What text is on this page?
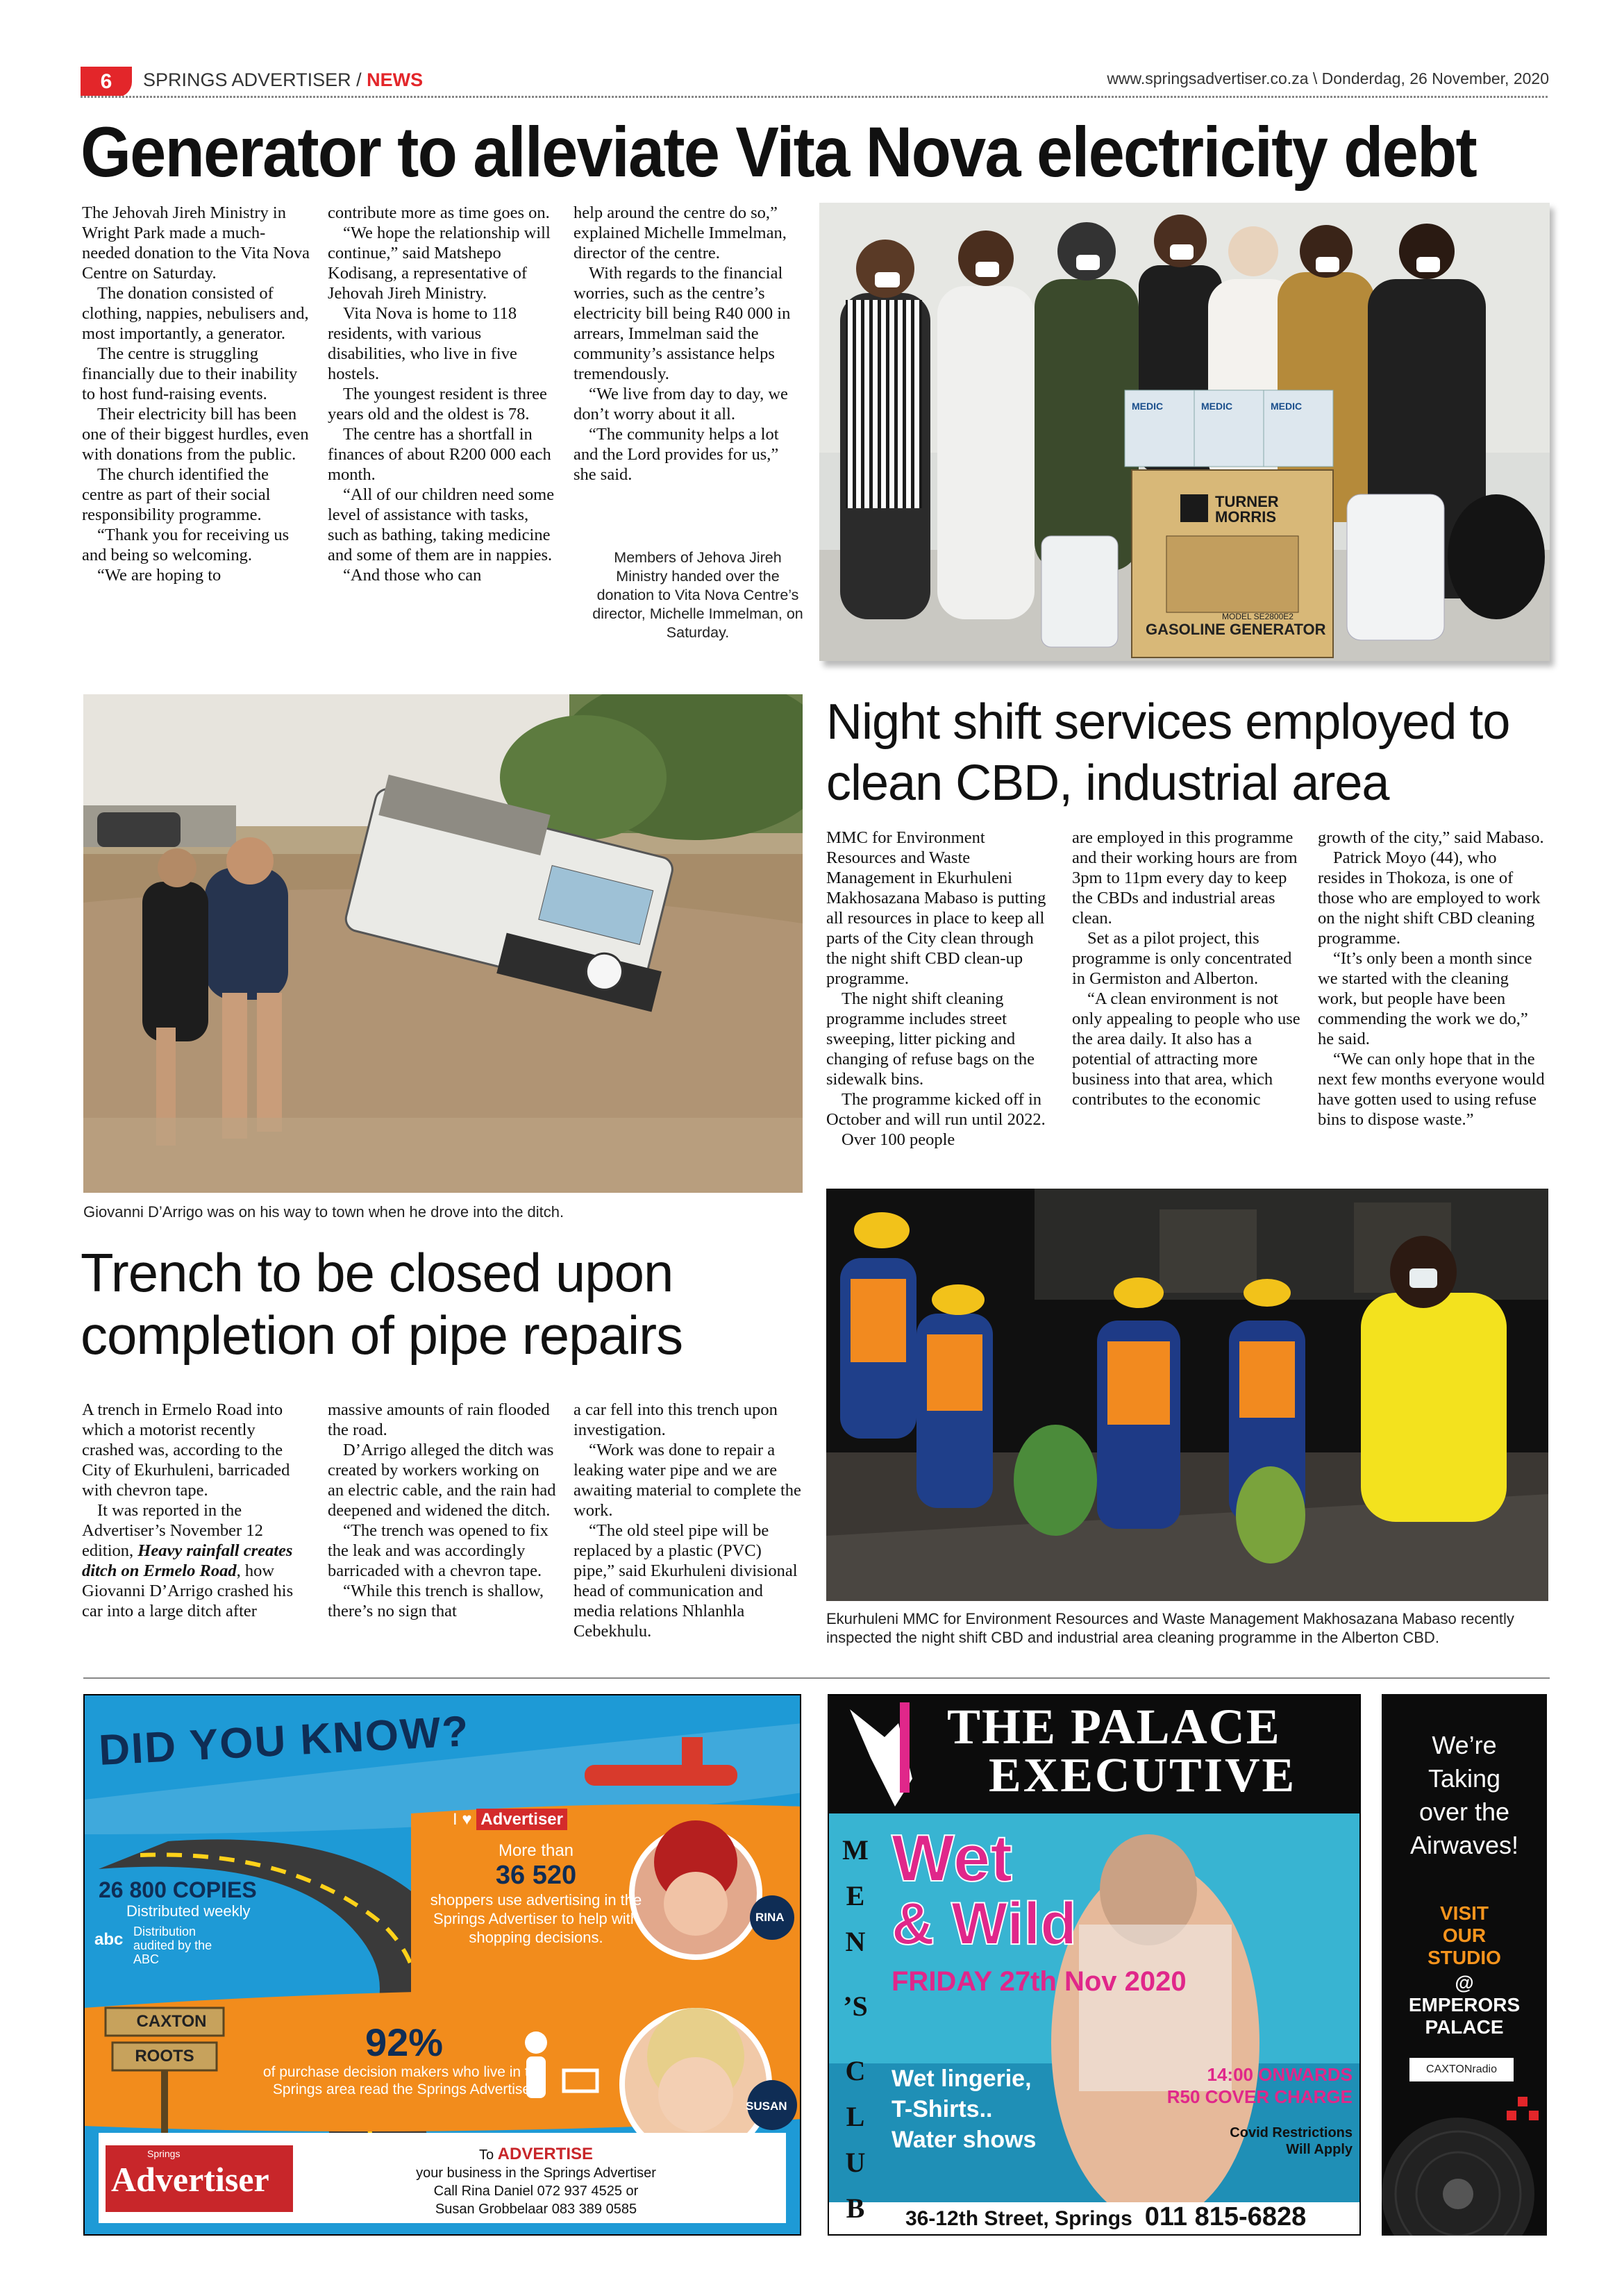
6	SPRINGS ADVERTISER / NEWS	www.springsadvertiser.co.za \ Donderdag, 26 November, 2020
Generator to alleviate Vita Nova electricity debt

The Jehovah Jireh Ministry in Wright Park made a much-needed donation to the Vita Nova Centre on Saturday.

The donation consisted of clothing, nappies, nebulisers and, most importantly, a generator.

The centre is struggling financially due to their inability to host fund-raising events.

Their electricity bill has been one of their biggest hurdles, even with donations from the public.

The church identified the centre as part of their social responsibility programme.

“Thank you for receiving us and being so welcoming.

“We are hoping to

contribute more as time goes on.

“We hope the relationship will continue,” said Matshepo Kodisang, a representative of Jehovah Jireh Ministry.

Vita Nova is home to 118 residents, with various disabilities, who live in five hostels.

The youngest resident is three years old and the oldest is 78.

The centre has a shortfall in finances of about R200 000 each month.

“All of our children need some level of assistance with tasks, such as bathing, taking medicine and some of them are in nappies.

“And those who can

help around the centre do so,” explained Michelle Immelman, director of the centre.

With regards to the financial worries, such as the centre’s electricity bill being R40 000 in arrears, Immelman said the community’s assistance helps tremendously.

“We live from day to day, we don’t worry about it all.

“The community helps a lot and the Lord provides for us,” she said.

Members of Jehova Jireh Ministry handed over the donation to Vita Nova Centre’s director, Michelle Immelman, on Saturday.
MEDIC	MEDIC	MEDIC
TURNER
MORRIS
MODEL SE2800E2
GASOLINE GENERATOR
Giovanni D’Arrigo was on his way to town when he drove into the ditch.
Trench to be closed upon
completion of pipe repairs

A trench in Ermelo Road into which a motorist recently crashed was, according to the City of Ekurhuleni, barricaded with chevron tape.

It was reported in the Advertiser’s November 12 edition, Heavy rainfall creates ditch on Ermelo Road, how Giovanni D’Arrigo crashed his car into a large ditch after

massive amounts of rain flooded the road.

D’Arrigo alleged the ditch was created by workers working on an electric cable, and the rain had deepened and widened the ditch.

“The trench was opened to fix the leak and was accordingly barricaded with a chevron tape.

“While this trench is shallow, there’s no sign that

a car fell into this trench upon investigation.

“Work was done to repair a leaking water pipe and we are awaiting material to complete the work.

“The old steel pipe will be replaced by a plastic (PVC) pipe,” said Ekurhuleni divisional head of communication and media relations Nhlanhla Cebekhulu.

Night shift services employed to
clean CBD, industrial area

MMC for Environment Resources and Waste Management in Ekurhuleni Makhosazana Mabaso is putting all resources in place to keep all parts of the City clean through the night shift CBD clean-up programme.

The night shift cleaning programme includes street sweeping, litter picking and changing of refuse bags on the sidewalk bins.

The programme kicked off in October and will run until 2022.

Over 100 people

are employed in this programme and their working hours are from 3pm to 11pm every day to keep the CBDs and industrial areas clean.

Set as a pilot project, this programme is only concentrated in Germiston and Alberton.

“A clean environment is not only appealing to people who use the area daily. It also has a potential of attracting more business into that area, which contributes to the economic

growth of the city,” said Mabaso.

Patrick Moyo (44), who resides in Thokoza, is one of those who are employed to work on the night shift CBD cleaning programme.

“It’s only been a month since we started with the cleaning work, but people have been commending the work we do,” he said.

“We can only hope that in the next few months everyone would have gotten used to using refuse bins to dispose waste.”

Ekurhuleni MMC for Environment Resources and Waste Management Makhosazana Mabaso recently inspected the night shift CBD and industrial area cleaning programme in the Alberton CBD.
DID YOU KNOW?
I ♥ Advertiser
More than
36 520
shoppers use advertising in the Springs Advertiser to help with shopping decisions.
26 800 COPIES
Distributed weekly
abc Distribution audited by the ABC
RINA
SUSAN
CAXTON
ROOTS	92%
of purchase decision makers who live in the Springs area read the Springs Advertiser
Springs
Advertiser
To ADVERTISE
your business in the Springs Advertiser
Call Rina Daniel 072 937 4525 or
Susan Grobbelaar 083 389 0585
THE PALACE
EXECUTIVE
M
E
N
’S
C
L
U
B
Wet
& Wild
FRIDAY 27th Nov 2020
Wet lingerie,
T-Shirts..
Water shows
14:00 ONWARDS
R50 COVER CHARGE
Covid Restrictions
Will Apply
36-12th Street, Springs 011 815-6828
We’re
Taking
over the
Airwaves!
VISIT
OUR
STUDIO
@
EMPERORS
PALACE
CAXTONradio
